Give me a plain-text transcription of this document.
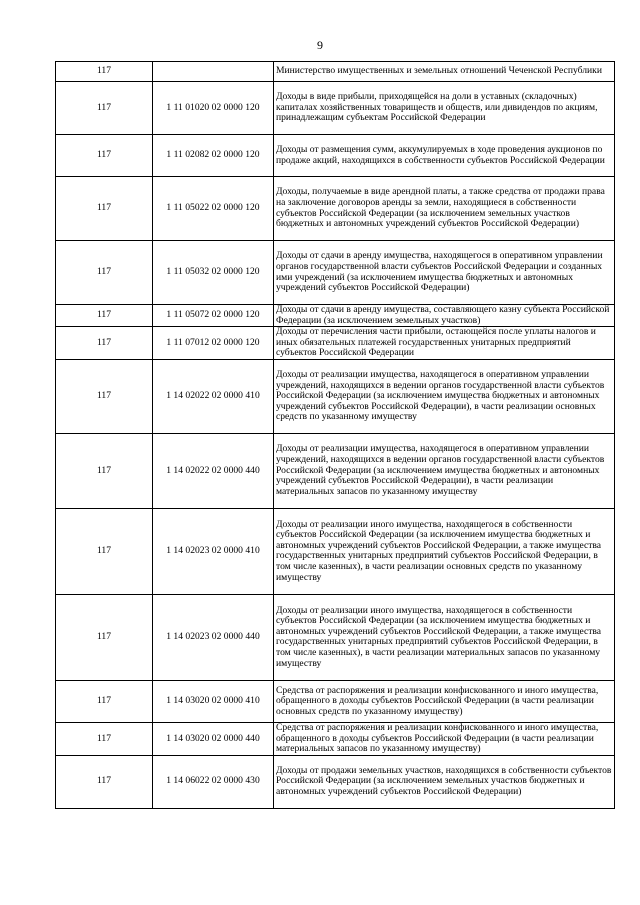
9
117		Министерство имущественных и земельных отношений Чеченской Республики
117	1 11 01020 02 0000 120	Доходы в виде прибыли, приходящейся на доли в уставных (складочных) капиталах хозяйственных товариществ и обществ, или дивидендов по акциям, принадлежащим субъектам Российской Федерации
117	1 11 02082 02 0000 120	Доходы от размещения сумм, аккумулируемых в ходе проведения аукционов по продаже акций, находящихся в собственности субъектов Российской Федерации
117	1 11 05022 02 0000 120	Доходы, получаемые в виде арендной платы, а также средства от продажи права на заключение договоров аренды за земли, находящиеся в собственности субъектов Российской Федерации (за исключением земельных участков бюджетных и автономных учреждений субъектов Российской Федерации)
117	1 11 05032 02 0000 120	Доходы от сдачи в аренду имущества, находящегося в оперативном управлении органов государственной власти субъектов Российской Федерации и созданных ими учреждений (за исключением имущества бюджетных и автономных учреждений субъектов Российской Федерации)
117	1 11 05072 02 0000 120	Доходы от сдачи в аренду имущества, составляющего казну субъекта Российской Федерации (за исключением земельных участков)
117	1 11 07012 02 0000 120	Доходы от перечисления части прибыли, остающейся после уплаты налогов и иных обязательных платежей государственных унитарных предприятий субъектов Российской Федерации
117	1 14 02022 02 0000 410	Доходы от реализации имущества, находящегося в оперативном управлении учреждений, находящихся в ведении органов государственной власти субъектов Российской Федерации (за исключением имущества бюджетных и автономных учреждений субъектов Российской Федерации), в части реализации основных средств по указанному имуществу
117	1 14 02022 02 0000 440	Доходы от реализации имущества, находящегося в оперативном управлении учреждений, находящихся в ведении органов государственной власти субъектов Российской Федерации (за исключением имущества бюджетных и автономных учреждений субъектов Российской Федерации), в части реализации материальных запасов по указанному имуществу
117	1 14 02023 02 0000 410	Доходы от реализации иного имущества, находящегося в собственности субъектов Российской Федерации (за исключением имущества бюджетных и автономных учреждений субъектов Российской Федерации, а также имущества государственных унитарных предприятий субъектов Российской Федерации, в том числе казенных), в части реализации основных средств по указанному имуществу
117	1 14 02023 02 0000 440	Доходы от реализации иного имущества, находящегося в собственности субъектов Российской Федерации (за исключением имущества бюджетных и автономных учреждений субъектов Российской Федерации, а также имущества государственных унитарных предприятий субъектов Российской Федерации, в том числе казенных), в части реализации материальных запасов по указанному имуществу
117	1 14 03020 02 0000 410	Средства от распоряжения и реализации конфискованного и иного имущества, обращенного в доходы субъектов Российской Федерации (в части реализации основных средств по указанному имуществу)
117	1 14 03020 02 0000 440	Средства от распоряжения и реализации конфискованного и иного имущества, обращенного в доходы субъектов Российской Федерации (в части реализации материальных запасов по указанному имуществу)
117	1 14 06022 02 0000 430	Доходы от продажи земельных участков, находящихся в собственности субъектов Российской Федерации (за исключением земельных участков бюджетных и автономных учреждений субъектов Российской Федерации)
